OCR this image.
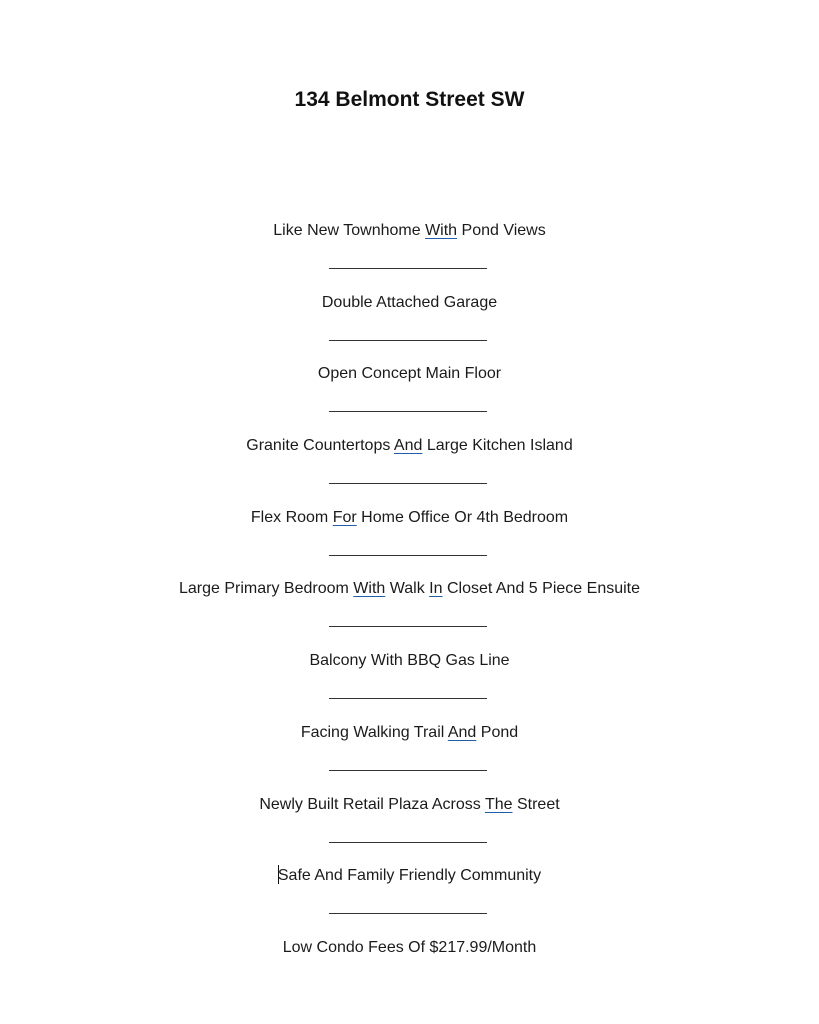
134 Belmont Street SW
Like New Townhome With Pond Views
Double Attached Garage
Open Concept Main Floor
Granite Countertops And Large Kitchen Island
Flex Room For Home Office Or 4th Bedroom
Large Primary Bedroom With Walk In Closet And 5 Piece Ensuite
Balcony With BBQ Gas Line
Facing Walking Trail And Pond
Newly Built Retail Plaza Across The Street
Safe And Family Friendly Community
Low Condo Fees Of $217.99/Month
